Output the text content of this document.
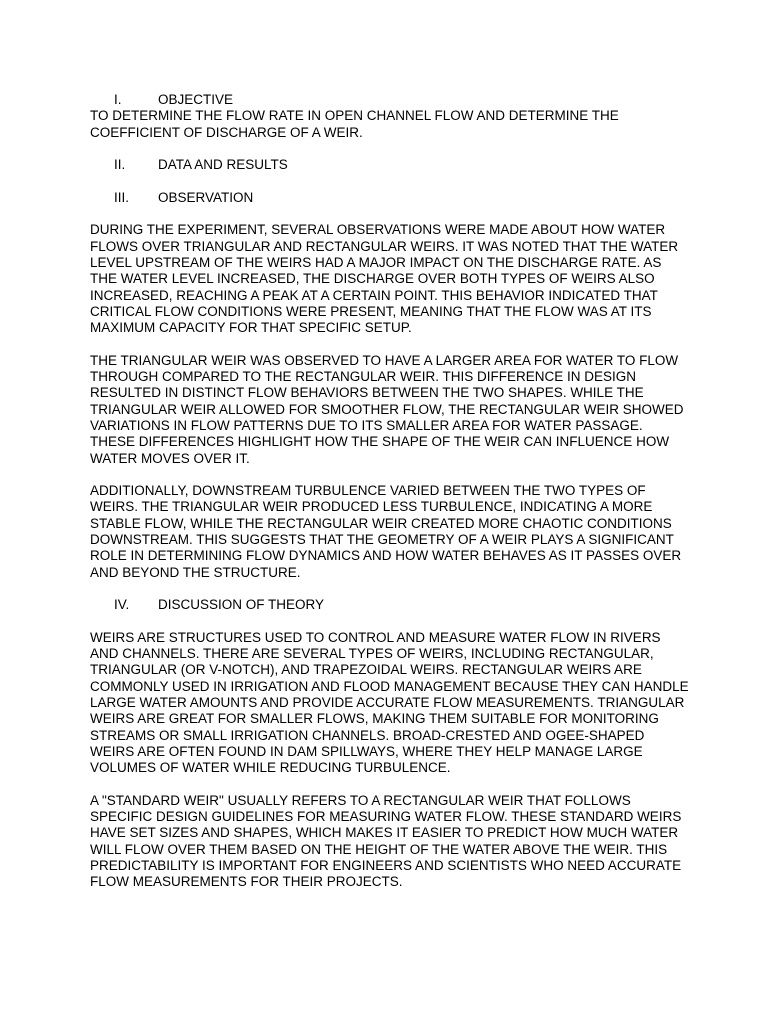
I.	OBJECTIVE

TO DETERMINE THE FLOW RATE IN OPEN CHANNEL FLOW AND DETERMINE THE COEFFICIENT OF DISCHARGE OF A WEIR.

II.	DATA AND RESULTS
III.	OBSERVATION

DURING THE EXPERIMENT, SEVERAL OBSERVATIONS WERE MADE ABOUT HOW WATER FLOWS OVER TRIANGULAR AND RECTANGULAR WEIRS. IT WAS NOTED THAT THE WATER LEVEL UPSTREAM OF THE WEIRS HAD A MAJOR IMPACT ON THE DISCHARGE RATE. AS THE WATER LEVEL INCREASED, THE DISCHARGE OVER BOTH TYPES OF WEIRS ALSO INCREASED, REACHING A PEAK AT A CERTAIN POINT. THIS BEHAVIOR INDICATED THAT CRITICAL FLOW CONDITIONS WERE PRESENT, MEANING THAT THE FLOW WAS AT ITS MAXIMUM CAPACITY FOR THAT SPECIFIC SETUP.

THE TRIANGULAR WEIR WAS OBSERVED TO HAVE A LARGER AREA FOR WATER TO FLOW THROUGH COMPARED TO THE RECTANGULAR WEIR. THIS DIFFERENCE IN DESIGN RESULTED IN DISTINCT FLOW BEHAVIORS BETWEEN THE TWO SHAPES. WHILE THE TRIANGULAR WEIR ALLOWED FOR SMOOTHER FLOW, THE RECTANGULAR WEIR SHOWED VARIATIONS IN FLOW PATTERNS DUE TO ITS SMALLER AREA FOR WATER PASSAGE. THESE DIFFERENCES HIGHLIGHT HOW THE SHAPE OF THE WEIR CAN INFLUENCE HOW WATER MOVES OVER IT.

ADDITIONALLY, DOWNSTREAM TURBULENCE VARIED BETWEEN THE TWO TYPES OF WEIRS. THE TRIANGULAR WEIR PRODUCED LESS TURBULENCE, INDICATING A MORE STABLE FLOW, WHILE THE RECTANGULAR WEIR CREATED MORE CHAOTIC CONDITIONS DOWNSTREAM. THIS SUGGESTS THAT THE GEOMETRY OF A WEIR PLAYS A SIGNIFICANT ROLE IN DETERMINING FLOW DYNAMICS AND HOW WATER BEHAVES AS IT PASSES OVER AND BEYOND THE STRUCTURE.

IV.	DISCUSSION OF THEORY

WEIRS ARE STRUCTURES USED TO CONTROL AND MEASURE WATER FLOW IN RIVERS AND CHANNELS. THERE ARE SEVERAL TYPES OF WEIRS, INCLUDING RECTANGULAR, TRIANGULAR (OR V-NOTCH), AND TRAPEZOIDAL WEIRS. RECTANGULAR WEIRS ARE COMMONLY USED IN IRRIGATION AND FLOOD MANAGEMENT BECAUSE THEY CAN HANDLE LARGE WATER AMOUNTS AND PROVIDE ACCURATE FLOW MEASUREMENTS. TRIANGULAR WEIRS ARE GREAT FOR SMALLER FLOWS, MAKING THEM SUITABLE FOR MONITORING STREAMS OR SMALL IRRIGATION CHANNELS. BROAD-CRESTED AND OGEE-SHAPED WEIRS ARE OFTEN FOUND IN DAM SPILLWAYS, WHERE THEY HELP MANAGE LARGE VOLUMES OF WATER WHILE REDUCING TURBULENCE.

A "STANDARD WEIR" USUALLY REFERS TO A RECTANGULAR WEIR THAT FOLLOWS SPECIFIC DESIGN GUIDELINES FOR MEASURING WATER FLOW. THESE STANDARD WEIRS HAVE SET SIZES AND SHAPES, WHICH MAKES IT EASIER TO PREDICT HOW MUCH WATER WILL FLOW OVER THEM BASED ON THE HEIGHT OF THE WATER ABOVE THE WEIR. THIS PREDICTABILITY IS IMPORTANT FOR ENGINEERS AND SCIENTISTS WHO NEED ACCURATE FLOW MEASUREMENTS FOR THEIR PROJECTS.
